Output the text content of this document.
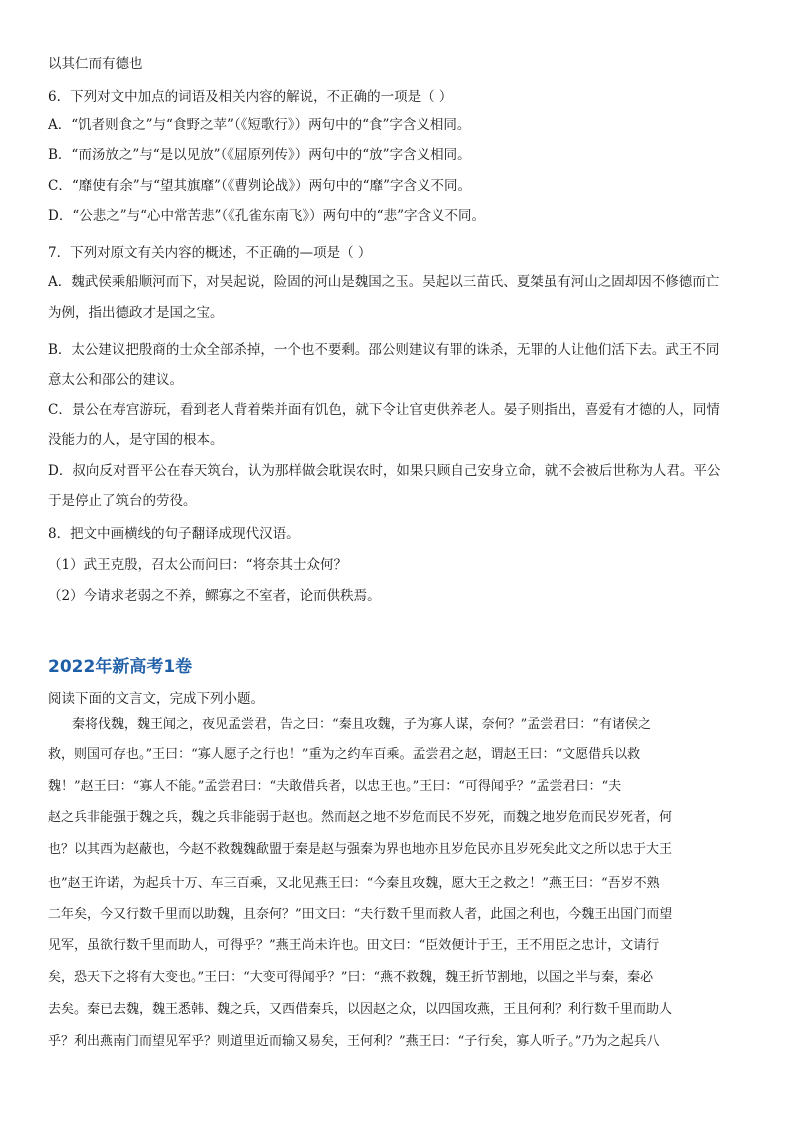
以其仁而有德也
6．下列对文中加点的词语及相关内容的解说，不正确的一项是（ ）
A．“饥者则食之”与“食野之苹”（《短歌行》）两句中的“食”字含义相同。
B．“而汤放之”与“是以见放”（《屈原列传》）两句中的“放”字含义相同。
C．“靡使有余”与“望其旗靡”（《曹刿论战》）两句中的“靡”字含义不同。
D．“公悲之”与“心中常苦悲”（《孔雀东南飞》）两句中的“悲”字含义不同。
7．下列对原文有关内容的概述，不正确的—项是（ ）
A．魏武侯乘船顺河而下，对吴起说，险固的河山是魏国之玉。吴起以三苗氏、夏桀虽有河山之固却因不修德而亡
为例，指出德政才是国之宝。
B．太公建议把殷商的士众全部杀掉，一个也不要剩。邵公则建议有罪的诛杀，无罪的人让他们活下去。武王不同
意太公和邵公的建议。
C．景公在寿宫游玩，看到老人背着柴并面有饥色，就下令让官吏供养老人。晏子则指出，喜爱有才德的人，同情
没能力的人，是守国的根本。
D．叔向反对晋平公在春天筑台，认为那样做会耽误农时，如果只顾自己安身立命，就不会被后世称为人君。平公
于是停止了筑台的劳役。
8．把文中画横线的句子翻译成现代汉语。
（1）武王克殷，召太公而问曰：“将奈其士众何？
（2）今请求老弱之不养，鳏寡之不室者，论而供秩焉。
2022年新高考1卷
阅读下面的文言文，完成下列小题。
秦将伐魏，魏王闻之，夜见孟尝君，告之曰：“秦且攻魏，子为寡人谋，奈何？”孟尝君曰：“有诸侯之
救，则国可存也。”王曰：“寡人愿子之行也！”重为之约车百乘。孟尝君之赵，谓赵王曰：“文愿借兵以救
魏！”赵王曰：“寡人不能。”孟尝君曰：“夫敢借兵者，以忠王也。”王曰：“可得闻乎？”孟尝君曰：“夫
赵之兵非能强于魏之兵，魏之兵非能弱于赵也。然而赵之地不岁危而民不岁死，而魏之地岁危而民岁死者，何
也？以其西为赵蔽也，今赵不救魏魏歃盟于秦是赵与强秦为界也地亦且岁危民亦且岁死矣此文之所以忠于大王
也”赵王许诺，为起兵十万、车三百乘，又北见燕王曰：“今秦且攻魏，愿大王之救之！”燕王曰：“吾岁不熟
二年矣，今又行数千里而以助魏，且奈何？”田文曰：“夫行数千里而救人者，此国之利也，今魏王出国门而望
见军，虽欲行数千里而助人，可得乎？”燕王尚未许也。田文曰：“臣效便计于王，王不用臣之忠计，文请行
矣，恐天下之将有大变也。”王曰：“大变可得闻乎？”曰：“燕不救魏，魏王折节割地，以国之半与秦，秦必
去矣。秦已去魏，魏王悉韩、魏之兵，又西借秦兵，以因赵之众，以四国攻燕，王且何利？利行数千里而助人
乎？利出燕南门而望见军乎？则道里近而输又易矣，王何利？”燕王曰：“子行矣，寡人听子。”乃为之起兵八
